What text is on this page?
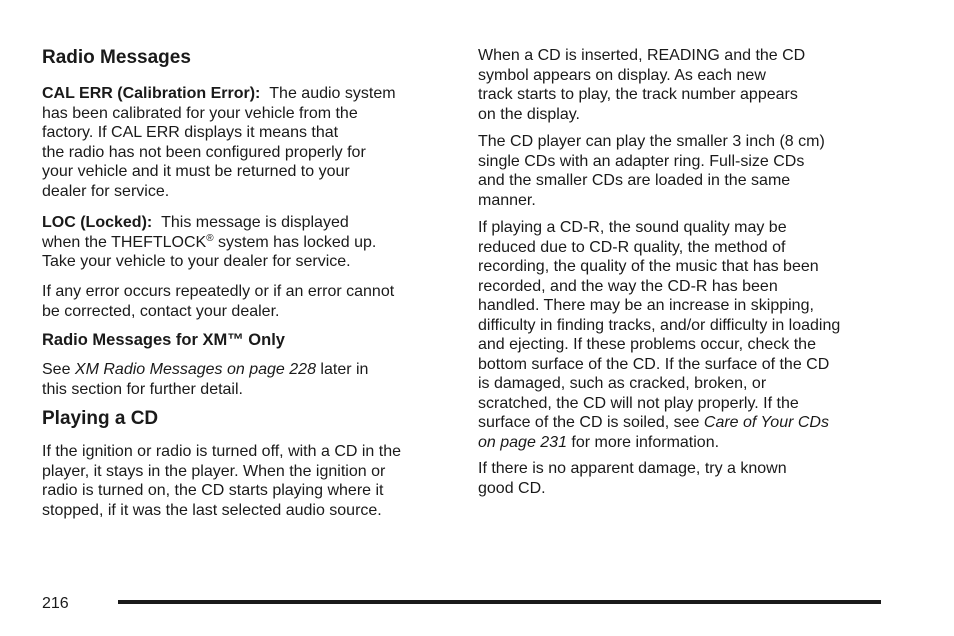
Radio Messages

CAL ERR (Calibration Error): The audio system
has been calibrated for your vehicle from the
factory. If CAL ERR displays it means that
the radio has not been configured properly for
your vehicle and it must be returned to your
dealer for service.

LOC (Locked): This message is displayed
when the THEFTLOCK® system has locked up.
Take your vehicle to your dealer for service.

If any error occurs repeatedly or if an error cannot
be corrected, contact your dealer.

Radio Messages for XM™ Only

See XM Radio Messages on page 228 later in
this section for further detail.

Playing a CD

If the ignition or radio is turned off, with a CD in the
player, it stays in the player. When the ignition or
radio is turned on, the CD starts playing where it
stopped, if it was the last selected audio source.

When a CD is inserted, READING and the CD
symbol appears on display. As each new
track starts to play, the track number appears
on the display.

The CD player can play the smaller 3 inch (8 cm)
single CDs with an adapter ring. Full-size CDs
and the smaller CDs are loaded in the same
manner.

If playing a CD-R, the sound quality may be
reduced due to CD-R quality, the method of
recording, the quality of the music that has been
recorded, and the way the CD-R has been
handled. There may be an increase in skipping,
difficulty in finding tracks, and/or difficulty in loading
and ejecting. If these problems occur, check the
bottom surface of the CD. If the surface of the CD
is damaged, such as cracked, broken, or
scratched, the CD will not play properly. If the
surface of the CD is soiled, see Care of Your CDs
on page 231 for more information.

If there is no apparent damage, try a known
good CD.

216
